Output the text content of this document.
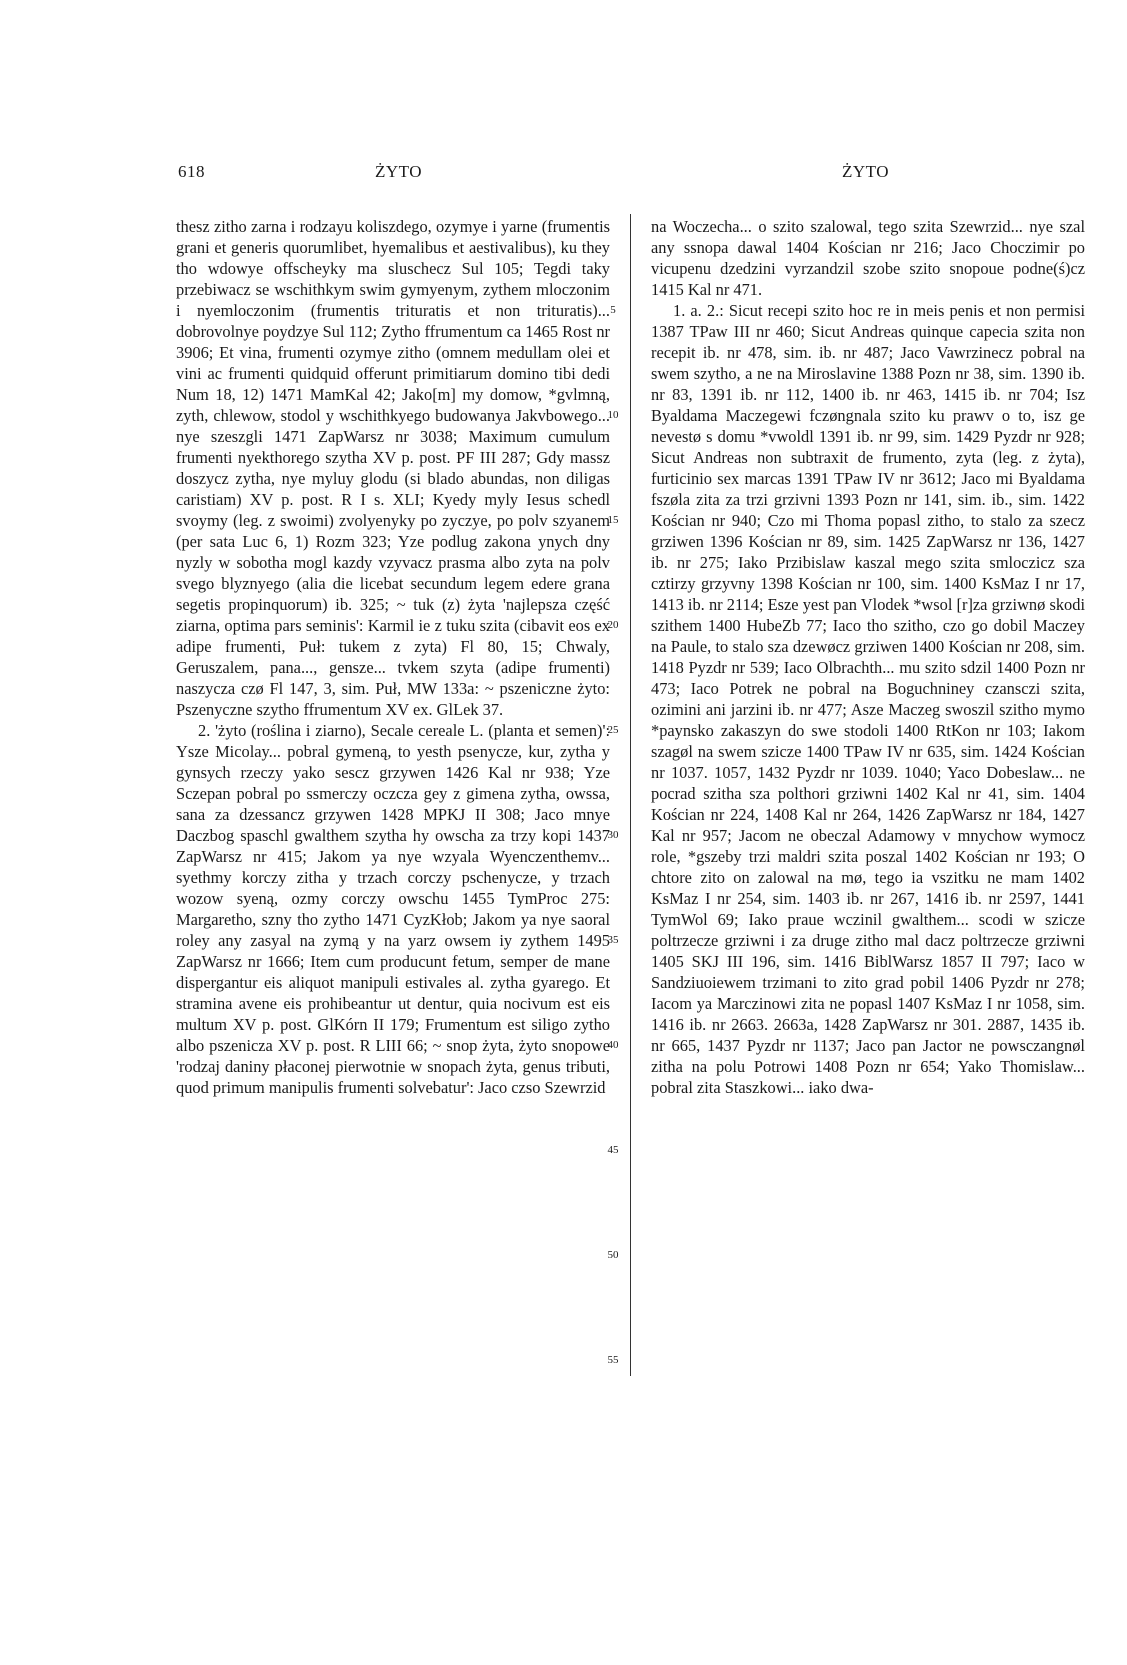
618	ŻYTO	ŻYTO

thesz zitho zarna i rodzayu koliszdego, ozymye i yarne (frumentis grani et generis quorumlibet, hyemalibus et aestivalibus), ku they tho wdowye offscheyky ma sluschecz Sul 105; Tegdi taky przebiwacz se wschithkym swim gymyenym, zythem mloczonim i nyemloczonim (frumentis trituratis et non trituratis)... dobrovolnye poydzye Sul 112; Zytho ffrumentum ca 1465 Rost nr 3906; Et vina, frumenti ozymye zitho (omnem medullam olei et vini ac frumenti quidquid offerunt primitiarum domino tibi dedi Num 18, 12) 1471 MamKal 42; Jako[m] my domow, *gvlmną, zyth, chlewow, stodol y wschithkyego budowanya Jakvbowego... nye szeszgli 1471 ZapWarsz nr 3038; Maximum cumulum frumenti nyekthorego szytha XV p. post. PF III 287; Gdy massz doszycz zytha, nye myluy glodu (si blado abundas, non diligas caristiam) XV p. post. R I s. XLI; Kyedy myly Iesus schedl svoymy (leg. z swoimi) zvolyenyky po zyczye, po polv szyanem (per sata Luc 6, 1) Rozm 323; Yze podlug zakona ynych dny nyzly w sobotha mogl kazdy vzyvacz prasma albo zyta na polv svego blyznyego (alia die licebat secundum legem edere grana segetis propinquorum) ib. 325; ~ tuk (z) żyta 'najlepsza część ziarna, optima pars seminis': Karmil ie z tuku szita (cibavit eos ex adipe frumenti, Puł: tukem z zyta) Fl 80, 15; Chwaly, Geruszalem, pana..., gensze... tvkem szyta (adipe frumenti) naszycza czø Fl 147, 3, sim. Puł, MW 133a: ~ pszeniczne żyto: Pszenyczne szytho ffrumentum XV ex. GlLek 37.

2. 'żyto (roślina i ziarno), Secale cereale L. (planta et semen)': Ysze Micolay... pobral gymeną, to yesth psenycze, kur, zytha y gynsych rzeczy yako sescz grzywen 1426 Kal nr 938; Yze Sczepan pobral po ssmerczy oczcza gey z gimena zytha, owssa, sana za dzessancz grzywen 1428 MPKJ II 308; Jaco mnye Daczbog spaschl gwalthem szytha hy owscha za trzy kopi 1437 ZapWarsz nr 415; Jakom ya nye wzyala Wyenczenthemv... syethmy korczy zitha y trzach corczy pschenycze, y trzach wozow syeną, ozmy corczy owschu 1455 TymProc 275: Margaretho, szny tho zytho 1471 CyzKłob; Jakom ya nye saoral roley any zasyal na zymą y na yarz owsem iy zythem 1495 ZapWarsz nr 1666; Item cum producunt fetum, semper de mane dispergantur eis aliquot manipuli estivales al. zytha gyarego. Et stramina avene eis prohibeantur ut dentur, quia nocivum est eis multum XV p. post. GlKórn II 179; Frumentum est siligo zytho albo pszenicza XV p. post. R LIII 66; ~ snop żyta, żyto snopowe 'rodzaj daniny płaconej pierwotnie w snopach żyta, genus tributi, quod primum manipulis frumenti solvebatur': Jaco czso Szewrzid

5
10
15
20
25
30
35
40
45
50
55

na Woczecha... o szito szalowal, tego szita Szewrzid... nye szal any ssnopa dawal 1404 Kościan nr 216; Jaco Choczimir po vicupenu dzedzini vyrzandzil szobe szito snopoue podne(ś)cz 1415 Kal nr 471.

1. a. 2.: Sicut recepi szito hoc re in meis penis et non permisi 1387 TPaw III nr 460; Sicut Andreas quinque capecia szita non recepit ib. nr 478, sim. ib. nr 487; Jaco Vawrzinecz pobral na swem szytho, a ne na Miroslavine 1388 Pozn nr 38, sim. 1390 ib. nr 83, 1391 ib. nr 112, 1400 ib. nr 463, 1415 ib. nr 704; Isz Byaldama Maczegewi fczøngnala szito ku prawv o to, isz ge nevestø s domu *vwoldl 1391 ib. nr 99, sim. 1429 Pyzdr nr 928; Sicut Andreas non subtraxit de frumento, zyta (leg. z żyta), furticinio sex marcas 1391 TPaw IV nr 3612; Jaco mi Byaldama fszøla zita za trzi grzivni 1393 Pozn nr 141, sim. ib., sim. 1422 Kościan nr 940; Czo mi Thoma popasl zitho, to stalo za szecz grziwen 1396 Kościan nr 89, sim. 1425 ZapWarsz nr 136, 1427 ib. nr 275; Iako Przibislaw kaszal mego szita smloczicz sza cztirzy grzyvny 1398 Kościan nr 100, sim. 1400 KsMaz I nr 17, 1413 ib. nr 2114; Esze yest pan Vlodek *wsol [r]za grziwnø skodi szithem 1400 HubeZb 77; Iaco tho szitho, czo go dobil Maczey na Paule, to stalo sza dzewøcz grziwen 1400 Kościan nr 208, sim. 1418 Pyzdr nr 539; Iaco Olbrachth... mu szito sdzil 1400 Pozn nr 473; Iaco Potrek ne pobral na Boguchniney czansczi szita, ozimini ani jarzini ib. nr 477; Asze Maczeg swoszil szitho mymo *paynsko zakaszyn do swe stodoli 1400 RtKon nr 103; Iakom szagøl na swem szicze 1400 TPaw IV nr 635, sim. 1424 Kościan nr 1037. 1057, 1432 Pyzdr nr 1039. 1040; Yaco Dobeslaw... ne pocrad szitha sza polthori grziwni 1402 Kal nr 41, sim. 1404 Kościan nr 224, 1408 Kal nr 264, 1426 ZapWarsz nr 184, 1427 Kal nr 957; Jacom ne obeczal Adamowy v mnychow wymocz role, *gszeby trzi maldri szita poszal 1402 Kościan nr 193; O chtore zito on zalowal na mø, tego ia vszitku ne mam 1402 KsMaz I nr 254, sim. 1403 ib. nr 267, 1416 ib. nr 2597, 1441 TymWol 69; Iako praue wczinil gwalthem... scodi w szicze poltrzecze grziwni i za druge zitho mal dacz poltrzecze grziwni 1405 SKJ III 196, sim. 1416 BiblWarsz 1857 II 797; Iaco w Sandziuoiewem trzimani to zito grad pobil 1406 Pyzdr nr 278; Iacom ya Marczinowi zita ne popasl 1407 KsMaz I nr 1058, sim. 1416 ib. nr 2663. 2663a, 1428 ZapWarsz nr 301. 2887, 1435 ib. nr 665, 1437 Pyzdr nr 1137; Jaco pan Jactor ne powsczangnøl zitha na polu Potrowi 1408 Pozn nr 654; Yako Thomislaw... pobral zita Staszkowi... iako dwa-
